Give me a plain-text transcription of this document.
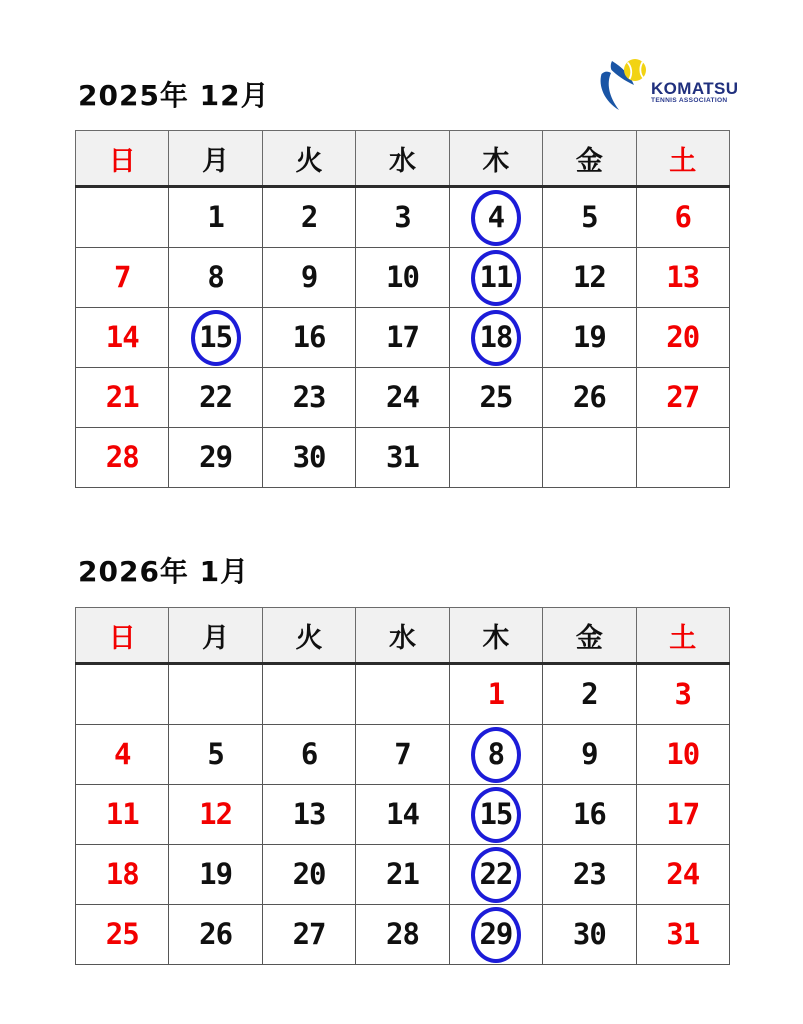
2025年 12月	KOMATSU
TENNIS ASSOCIATION
日	月	火	水	木	金	土
	1	2	3	4	5	6
7	8	9	10	11	12	13
14	15	16	17	18	19	20
21	22	23	24	25	26	27
28	29	30	31			
2026年 1月
日	月	火	水	木	金	土
				1	2	3
4	5	6	7	8	9	10
11	12	13	14	15	16	17
18	19	20	21	22	23	24
25	26	27	28	29	30	31
